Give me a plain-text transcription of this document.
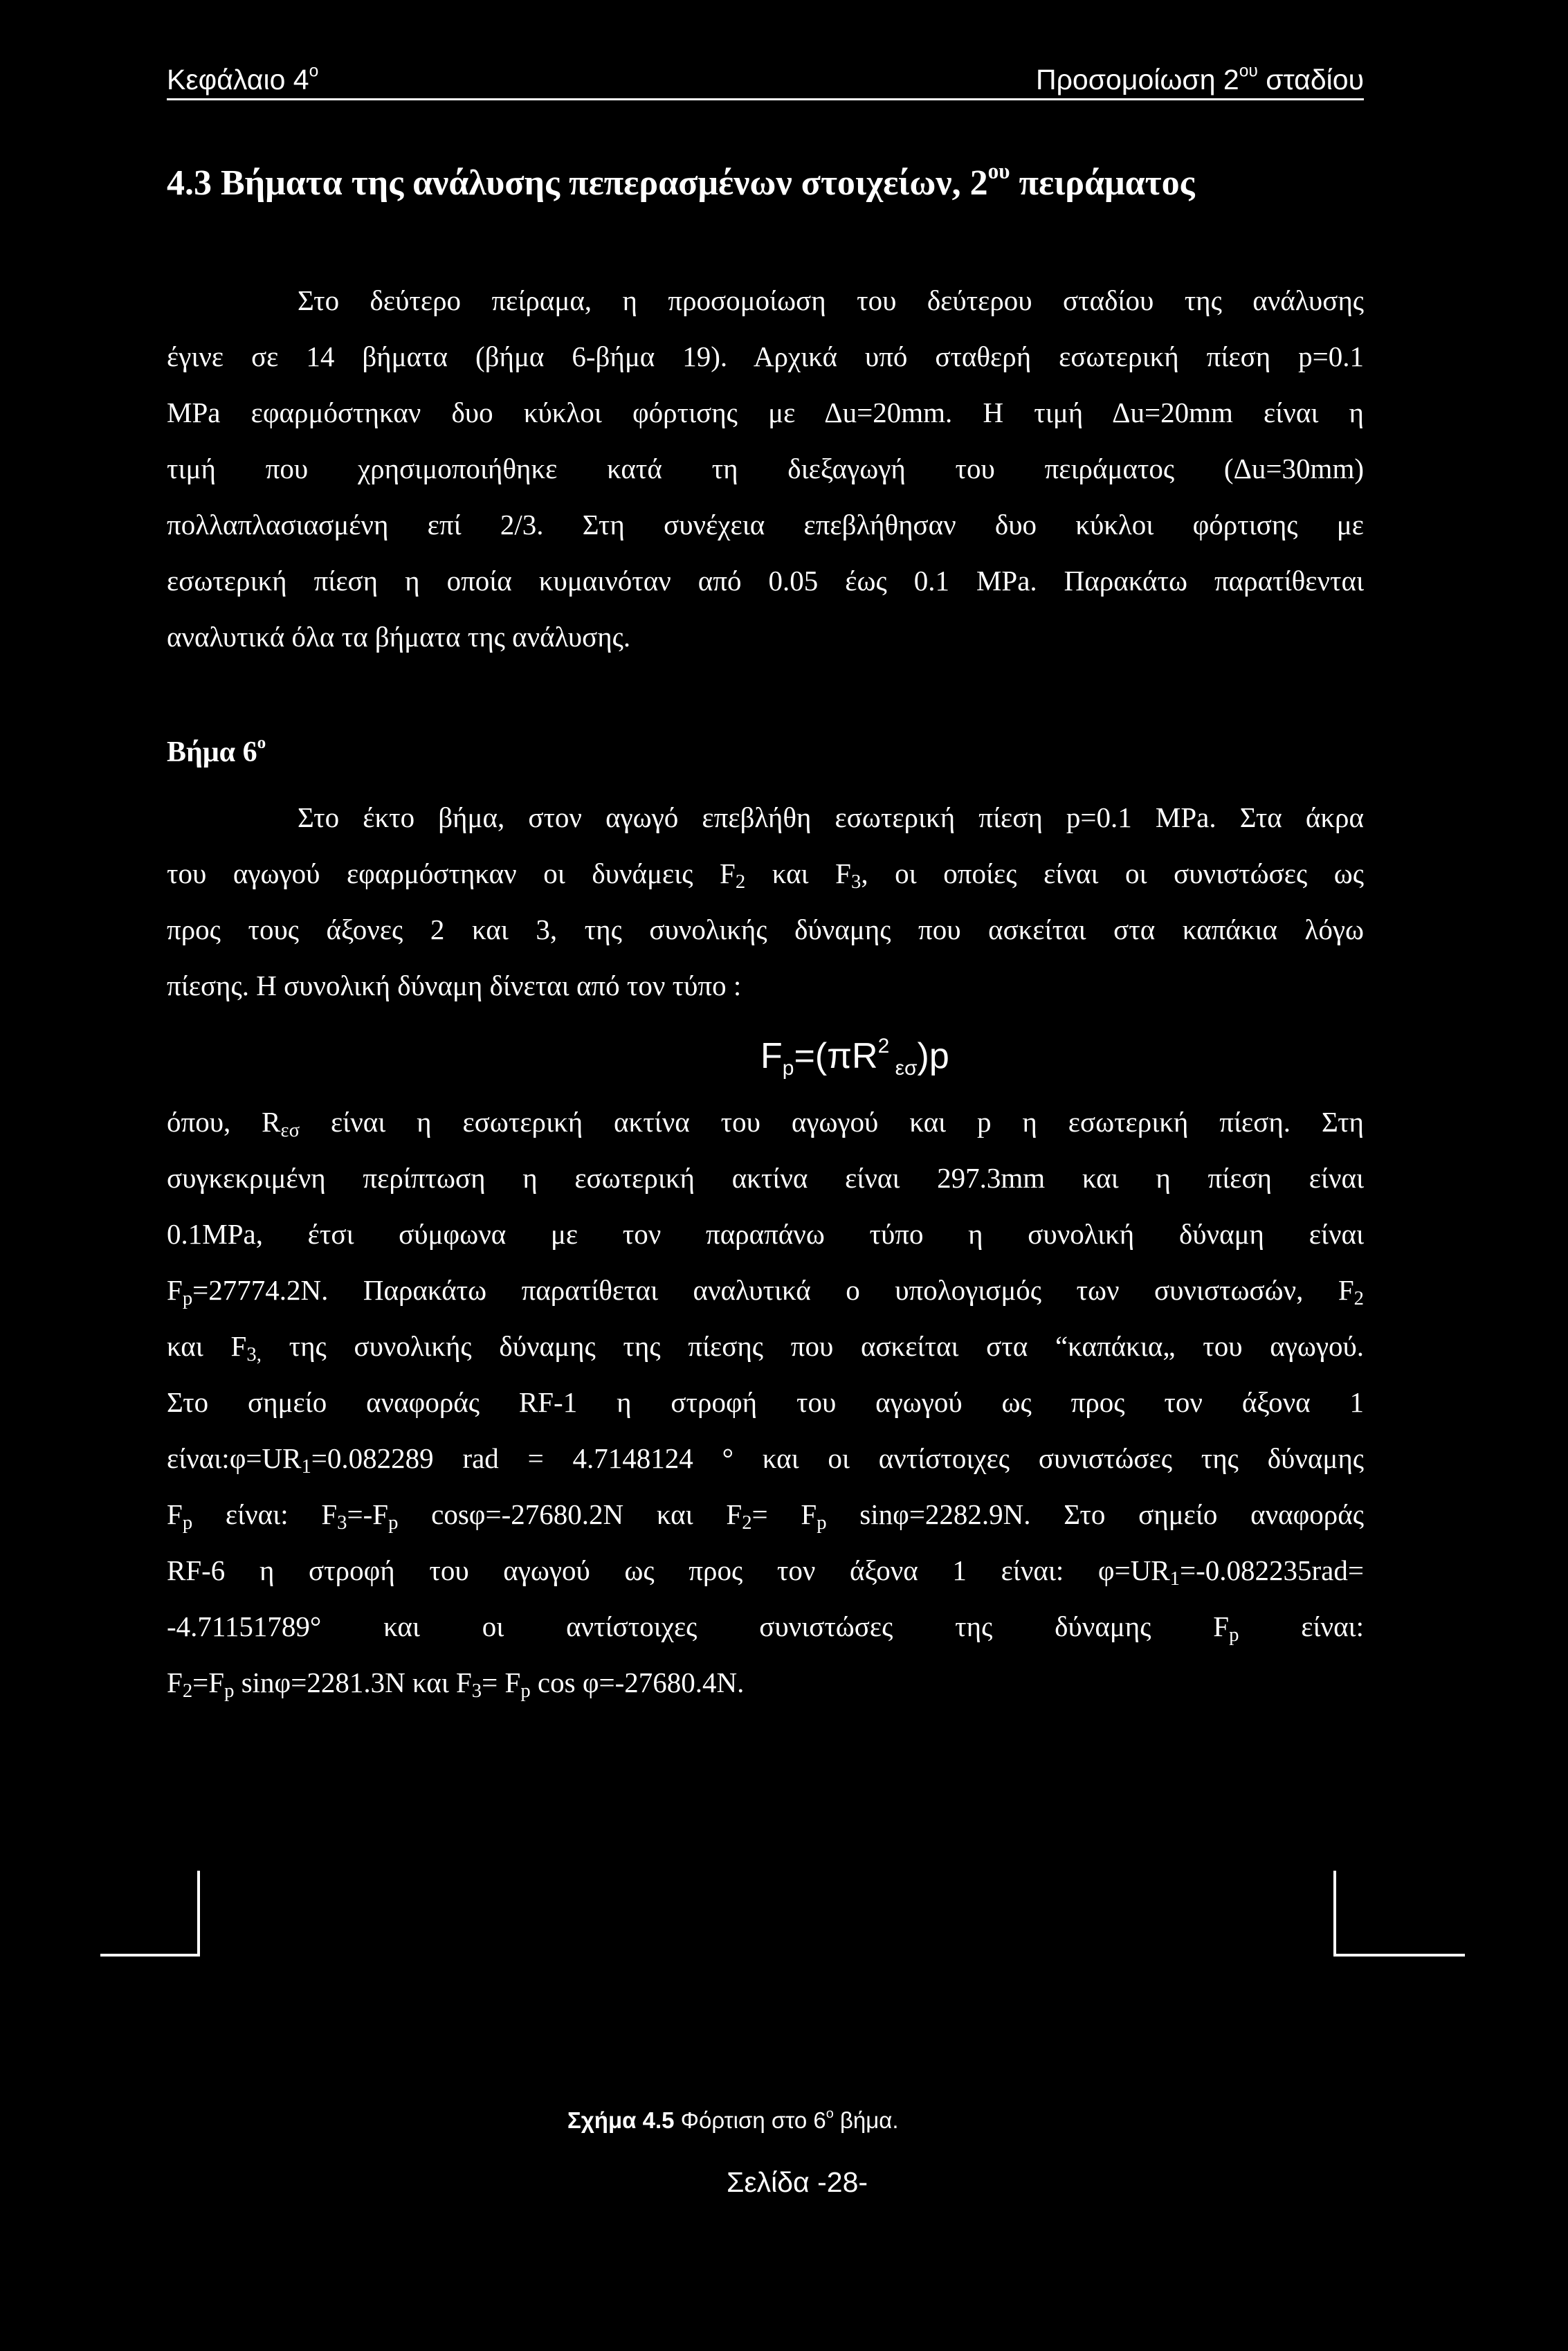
Κεφάλαιο $4^o$	Προσομοίωση $2^{o\upsilon}$ σταδίου
4.3 Βήματα της ανάλυσης πεπερασμένων στοιχείων, $2^{o\upsilon}$ πειράματος
Στο δεύτερο πείραμα, η προσομοίωση του δεύτερου σταδίου της ανάλυσης
έγινε σε 14 βήματα (βήμα 6-βήμα 19). Αρχικά υπό σταθερή εσωτερική πίεση p=0.1
MPa εφαρμόστηκαν δυο κύκλοι φόρτισης με Δu=20mm. Η τιμή Δu=20mm είναι η
τιμή που χρησιμοποιήθηκε κατά τη διεξαγωγή του πειράματος (Δu=30mm)
πολλαπλασιασμένη επί 2/3. Στη συνέχεια επεβλήθησαν δυο κύκλοι φόρτισης με
εσωτερική πίεση η οποία κυμαινόταν από 0.05 έως 0.1 MPa. Παρακάτω παρατίθενται
αναλυτικά όλα τα βήματα της ανάλυσης.
Βήμα $6^o$
Στο έκτο βήμα, στον αγωγό επεβλήθη εσωτερική πίεση p=0.1 MPa. Στα άκρα
του αγωγού εφαρμόστηκαν οι δυνάμεις $F_2$ και $F_3$, οι οποίες είναι οι συνιστώσες ως
προς τους άξονες 2 και 3, της συνολικής δύναμης που ασκείται στα καπάκια λόγω
πίεσης. Η συνολική δύναμη δίνεται από τον τύπο :
$Fp=(\pi R^2$ εσ)p
όπου, $R_{\varepsilon\sigma}$ είναι η εσωτερική ακτίνα του αγωγού και p η εσωτερική πίεση. Στη
συγκεκριμένη περίπτωση η εσωτερική ακτίνα είναι 297.3mm και η πίεση είναι
0.1MPa, έτσι σύμφωνα με τον παραπάνω τύπο η συνολική δύναμη είναι
$F_p=27774.2N$. Παρακάτω παρατίθεται αναλυτικά ο υπολογισμός των συνιστωσών, $F_2$
και $F_{3,}$ της συνολικής δύναμης της πίεσης που ασκείται στα “καπάκια„ του αγωγού.
Στο σημείο αναφοράς RF-1 η στροφή του αγωγού ως προς τον άξονα 1
$\varepsilon ί\nu\alpha\iota:\varphi=UR_1=0.082289$ rad = 4.7148124 ° και οι αντίστοιχες συνιστώσες της δύναμης
$F_p$ είναι: $F_3=-F_p$ cosφ=-27680.2N και $F_2= F_p$ sinφ=2282.9N. Στο σημείο αναφοράς
RF-6 η στροφή του αγωγού ως προς τον άξονα 1 είναι: $\varphi=UR_1=-0.082235rad=$
-4.71151789° και οι αντίστοιχες συνιστώσες της δύναμης $F_p$ είναι:
$F_2=F_p$ sinφ=2281.3N και $F_3= F_p$ cos φ=-27680.4N.
Σχήμα 4.5 Φόρτιση στο $6^o$ βήμα.
Σελίδα -28-
